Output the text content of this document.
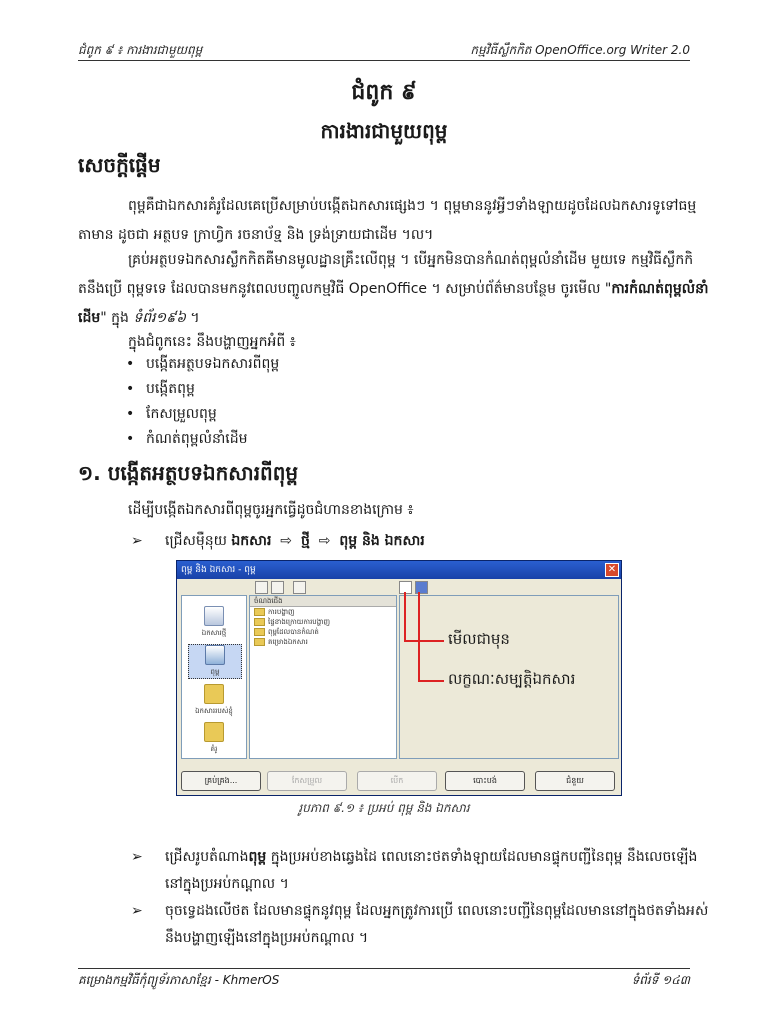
ជំពូក ៩ ៖ ការងារជាមួយពុម្ព	កម្មវិធីស្លឹកកិត OpenOffice.org Writer 2.0
ជំពូក ៩
ការងារជាមួយពុម្ព
សេចក្ដីផ្ដើម
ពុម្ពគឺជាឯកសារគំរូដែលគេប្រើសម្រាប់បង្កើតឯកសារផ្សេងៗ ។ ពុម្ពមាននូវអ្វីៗទាំងឡាយដូចដែលឯកសារទូទៅធម្មតាមាន ដូចជា អត្ថបទ ក្រាហ្វិក រចនាប័ទ្ម និង ទ្រង់ទ្រាយជាដើម ។ល។
គ្រប់អត្ថបទឯកសារស្លឹកកិតគឺមានមូលដ្ឋានគ្រឹះលើពុម្ព ។ បើអ្នកមិនបានកំណត់ពុម្ពលំនាំដើម មួយទេ កម្មវិធីស្លឹកកិតនឹងប្រើ ពុម្ពទទេ ដែលបានមកនូវពេលបញ្ចូលកម្មវិធី OpenOffice ។ សម្រាប់ព័ត៌មានបន្ថែម ចូរមើល "ការកំណត់ពុម្ពលំនាំដើម" ក្នុង ទំព័រ១៩៦ ។
ក្នុងជំពូកនេះ នឹងបង្ហាញអ្នកអំពី ៖
• បង្កើតអត្ថបទឯកសារពីពុម្ព
• បង្កើតពុម្ព
• កែសម្រួលពុម្ព
• កំណត់ពុម្ពលំនាំដើម
១. បង្កើតអត្ថបទឯកសារពីពុម្ព
ដើម្បីបង្កើតឯកសារពីពុម្ពចូរអ្នកធ្វើដូចជំហានខាងក្រោម ៖
➢ ជ្រើសម៉ឺនុយ ឯកសារ ⇨ ថ្មី ⇨ ពុម្ព និង ឯកសារ
ពុម្ព និង ឯកសារ - ពុម្ព	✕
ឯកសារថ្មី
ពុម្ព
ឯកសាររបស់ខ្ញុំ
គំរូ
ចំណងជើង
ការបង្ហាញ
ផ្ទៃខាងក្រោយការបង្ហាញ
ពុម្ពដែលបានកំណត់
គម្រោងឯកសារ
គ្រប់គ្រង...	កែសម្រួល	បើក	បោះបង់	ជំនួយ
មើលជាមុន
លក្ខណៈសម្បត្តិឯកសារ
រូបភាព ៩.១ ៖ ប្រអប់ ពុម្ព និង ឯកសារ
➢ ជ្រើសរូបតំណាងពុម្ព ក្នុងប្រអប់ខាងឆ្វេងដៃ ពេលនោះថតទាំងឡាយដែលមានផ្ទុកបញ្ជីនៃពុម្ព នឹងលេចឡើងនៅក្នុងប្រអប់កណ្ដាល ។
➢ ចុចទ្វេដងលើថត ដែលមានផ្ទុកនូវពុម្ព ដែលអ្នកត្រូវការប្រើ ពេលនោះបញ្ជីនៃពុម្ពដែលមាននៅក្នុងថតទាំងអស់នឹងបង្ហាញឡើងនៅក្នុងប្រអប់កណ្ដាល ។
គម្រោងកម្មវិធីកុំព្យូទ័រភាសាខ្មែរ - KhmerOS	ទំព័រទី ១៤៣
